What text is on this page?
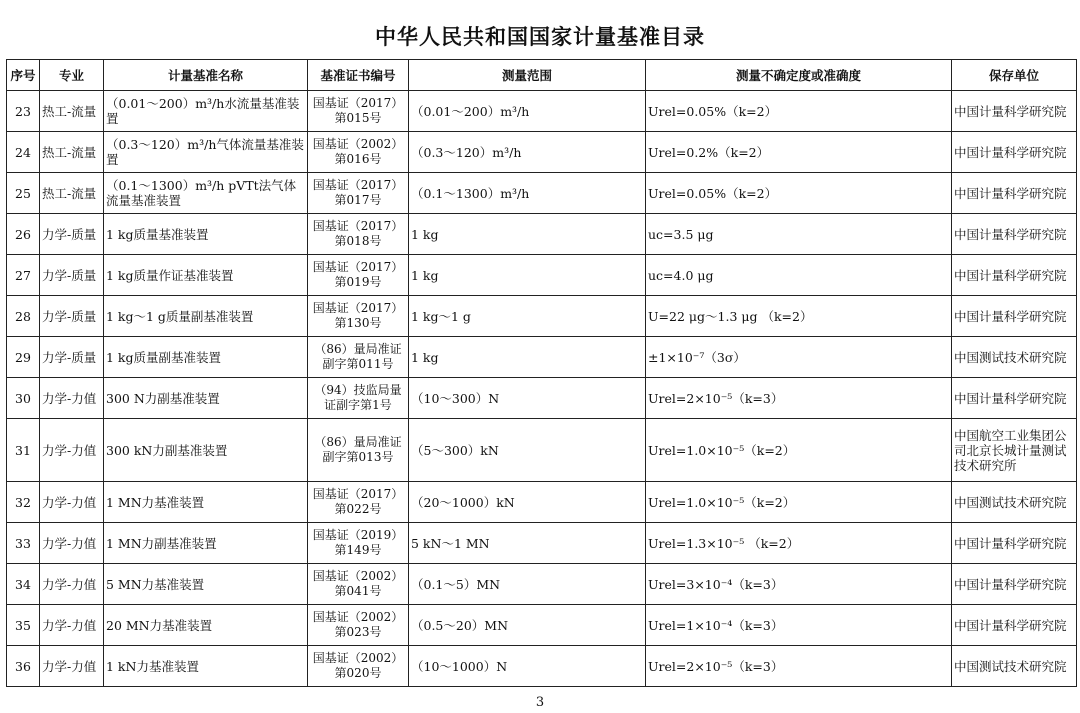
中华人民共和国国家计量基准目录
序号	专业	计量基准名称	基准证书编号	测量范围	测量不确定度或准确度	保存单位
23	热工-流量	（0.01～200）m³/h水流量基准装置	国基证（2017）第015号	（0.01～200）m³/h	Urel=0.05%（k=2）	中国计量科学研究院
24	热工-流量	（0.3～120）m³/h气体流量基准装置	国基证（2002）第016号	（0.3～120）m³/h	Urel=0.2%（k=2）	中国计量科学研究院
25	热工-流量	（0.1～1300）m³/h pVTt法气体流量基准装置	国基证（2017）第017号	（0.1～1300）m³/h	Urel=0.05%（k=2）	中国计量科学研究院
26	力学-质量	1 kg质量基准装置	国基证（2017）第018号	1 kg	uc=3.5 μg	中国计量科学研究院
27	力学-质量	1 kg质量作证基准装置	国基证（2017）第019号	1 kg	uc=4.0 μg	中国计量科学研究院
28	力学-质量	1 kg～1 g质量副基准装置	国基证（2017）第130号	1 kg～1 g	U=22 μg～1.3 μg （k=2）	中国计量科学研究院
29	力学-质量	1 kg质量副基准装置	（86）量局准证副字第011号	1 kg	±1×10⁻⁷（3σ）	中国测试技术研究院
30	力学-力值	300 N力副基准装置	（94）技监局量证副字第1号	（10～300）N	Urel=2×10⁻⁵（k=3）	中国计量科学研究院
31	力学-力值	300 kN力副基准装置	（86）量局准证副字第013号	（5～300）kN	Urel=1.0×10⁻⁵（k=2）	中国航空工业集团公司北京长城计量测试技术研究所
32	力学-力值	1 MN力基准装置	国基证（2017）第022号	（20～1000）kN	Urel=1.0×10⁻⁵（k=2）	中国测试技术研究院
33	力学-力值	1 MN力副基准装置	国基证（2019）第149号	5 kN～1 MN	Urel=1.3×10⁻⁵ （k=2）	中国计量科学研究院
34	力学-力值	5 MN力基准装置	国基证（2002）第041号	（0.1～5）MN	Urel=3×10⁻⁴（k=3）	中国计量科学研究院
35	力学-力值	20 MN力基准装置	国基证（2002）第023号	（0.5～20）MN	Urel=1×10⁻⁴（k=3）	中国计量科学研究院
36	力学-力值	1 kN力基准装置	国基证（2002）第020号	（10～1000）N	Urel=2×10⁻⁵（k=3）	中国测试技术研究院
3
